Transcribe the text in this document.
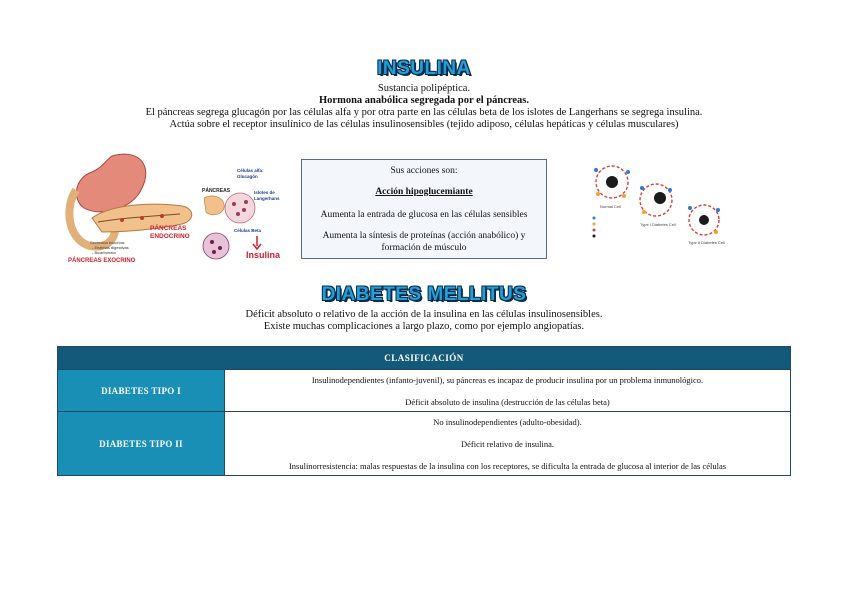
INSULINA
Sustancia polipéptica.
Hormona anabólica segregada por el páncreas.
El páncreas segrega glucagón por las células alfa y por otra parte en las células beta de los islotes de Langerhans se segrega insulina.
Actúa sobre el receptor insulínico de las células insulinosensibles (tejido adiposo, células hepáticas y células musculares)
PÁNCREAS
ENDOCRINO
Secreción exocrina:
- Enzimas digestivas
- Bicarbonato
PÁNCREAS EXOCRINO
PÁNCREAS
Células alfa:
Glucagón
Islotes de
Langerhans
Células Beta
Insulina
Sus acciones son:
Acción hipoglucemiante
Aumenta la entrada de glucosa en las células sensibles
Aumenta la síntesis de proteínas (acción anabólico) y
formación de músculo
Normal Cell
Type I Diabetes Cell
Type II Diabetes Cell
DIABETES MELLITUS
Déficit absoluto o relativo de la acción de la insulina en las células insulinosensibles.
Existe muchas complicaciones a largo plazo, como por ejemplo angiopatías.
CLASIFICACIÓN	
DIABETES TIPO I	Insulinodependientes (infanto-juvenil), su páncreas es incapaz de producir insulina por un problema inmunológico.

Déficit absoluto de insulina (destrucción de las células beta)

DIABETES TIPO II	No insulinodependientes (adulto-obesidad).

Déficit relativo de insulina.

Insulinorresistencia: malas respuestas de la insulina con los receptores, se dificulta la entrada de glucosa al interior de las células
